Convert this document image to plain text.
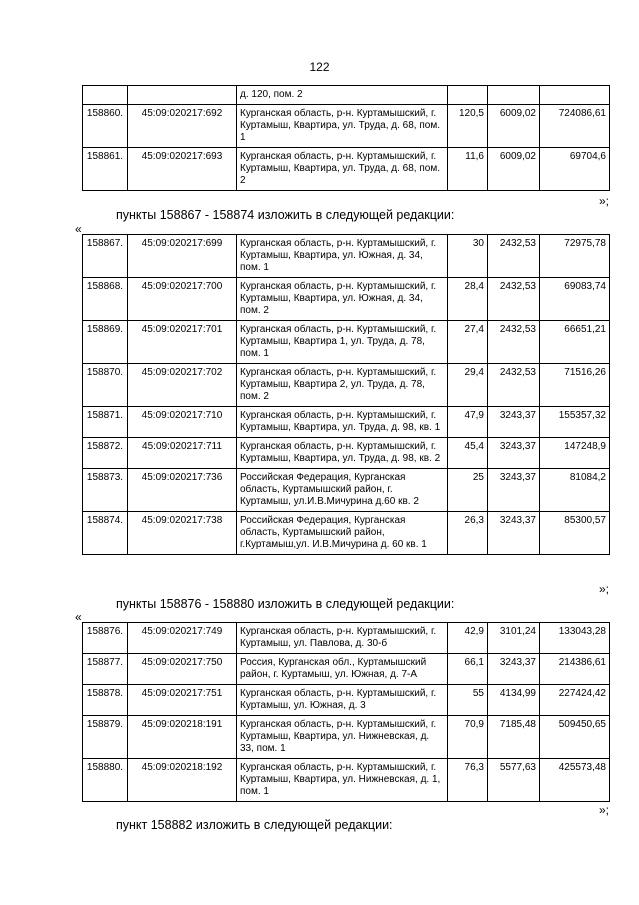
122
		д. 120, пом. 2			
158860.	45:09:020217:692	Курганская область, р-н. Куртамышский, г. Куртамыш, Квартира, ул. Труда, д. 68, пом. 1	120,5	6009,02	724086,61
158861.	45:09:020217:693	Курганская область, р-н. Куртамышский, г. Куртамыш, Квартира, ул. Труда, д. 68, пом. 2	11,6	6009,02	69704,6
»;
пункты 158867 - 158874 изложить в следующей редакции:
«
158867.	45:09:020217:699	Курганская область, р-н. Куртамышский, г. Куртамыш, Квартира, ул. Южная, д. 34, пом. 1	30	2432,53	72975,78
158868.	45:09:020217:700	Курганская область, р-н. Куртамышский, г. Куртамыш, Квартира, ул. Южная, д. 34, пом. 2	28,4	2432,53	69083,74
158869.	45:09:020217:701	Курганская область, р-н. Куртамышский, г. Куртамыш, Квартира 1, ул. Труда, д. 78, пом. 1	27,4	2432,53	66651,21
158870.	45:09:020217:702	Курганская область, р-н. Куртамышский, г. Куртамыш, Квартира 2, ул. Труда, д. 78, пом. 2	29,4	2432,53	71516,26
158871.	45:09:020217:710	Курганская область, р-н. Куртамышский, г. Куртамыш, Квартира, ул. Труда, д. 98, кв. 1	47,9	3243,37	155357,32
158872.	45:09:020217:711	Курганская область, р-н. Куртамышский, г. Куртамыш, Квартира, ул. Труда, д. 98, кв. 2	45,4	3243,37	147248,9
158873.	45:09:020217:736	Российская Федерация, Курганская область, Куртамышский район, г. Куртамыш, ул.И.В.Мичурина д.60 кв. 2	25	3243,37	81084,2
158874.	45:09:020217:738	Российская Федерация, Курганская область, Куртамышский район, г.Куртамыш,ул. И.В.Мичурина д. 60 кв. 1	26,3	3243,37	85300,57
»;
пункты 158876 - 158880 изложить в следующей редакции:
«
158876.	45:09:020217:749	Курганская область, р-н. Куртамышский, г. Куртамыш, ул. Павлова, д. 30-б	42,9	3101,24	133043,28
158877.	45:09:020217:750	Россия, Курганская обл., Куртамышский район, г. Куртамыш, ул. Южная, д. 7-А	66,1	3243,37	214386,61
158878.	45:09:020217:751	Курганская область, р-н. Куртамышский, г. Куртамыш, ул. Южная, д. 3	55	4134,99	227424,42
158879.	45:09:020218:191	Курганская область, р-н. Куртамышский, г. Куртамыш, Квартира, ул. Нижневская, д. 33, пом. 1	70,9	7185,48	509450,65
158880.	45:09:020218:192	Курганская область, р-н. Куртамышский, г. Куртамыш, Квартира, ул. Нижневская, д. 1, пом. 1	76,3	5577,63	425573,48
»;
пункт 158882 изложить в следующей редакции:
